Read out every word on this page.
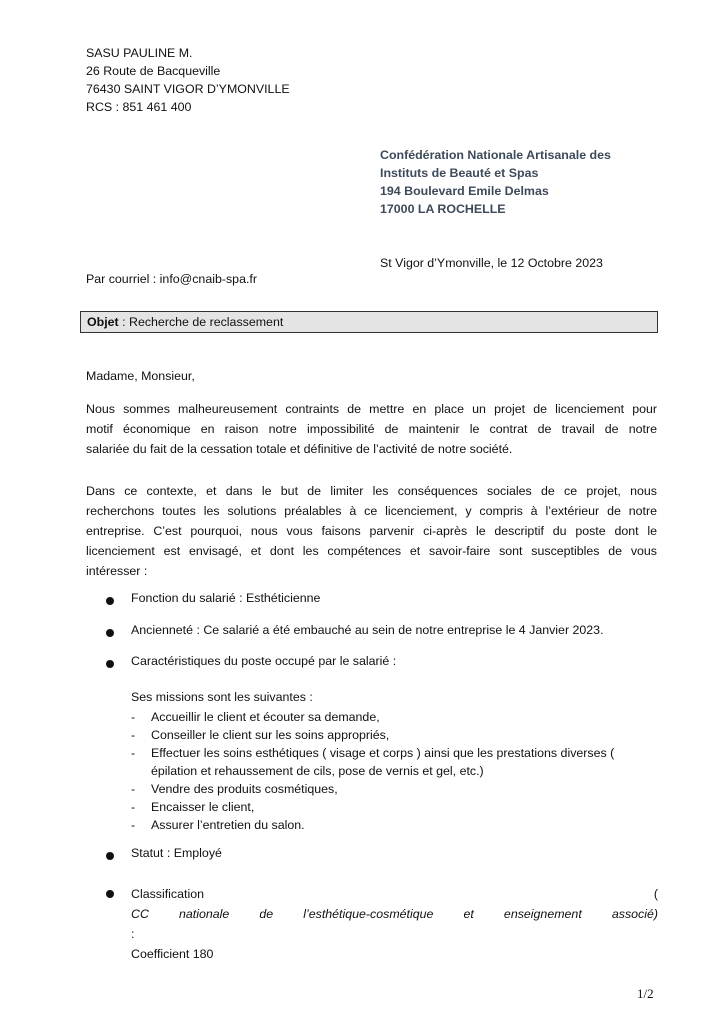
SASU PAULINE M.
26 Route de Bacqueville
76430 SAINT VIGOR D’YMONVILLE
RCS : 851 461 400
Confédération Nationale Artisanale des
Instituts de Beauté et Spas
194 Boulevard Emile Delmas
17000 LA ROCHELLE
St Vigor d’Ymonville, le 12 Octobre 2023
Par courriel : info@cnaib-spa.fr
Objet : Recherche de reclassement
Madame, Monsieur,
Nous sommes malheureusement contraints de mettre en place un projet de licenciement pour
motif économique en raison notre impossibilité de maintenir le contrat de travail de notre
salariée du fait de la cessation totale et définitive de l’activité de notre société.
Dans ce contexte, et dans le but de limiter les conséquences sociales de ce projet, nous
recherchons toutes les solutions préalables à ce licenciement, y compris à l’extérieur de notre
entreprise. C’est pourquoi, nous vous faisons parvenir ci-après le descriptif du poste dont le
licenciement est envisagé, et dont les compétences et savoir-faire sont susceptibles de vous
intéresser :
Fonction du salarié : Esthéticienne
Ancienneté : Ce salarié a été embauché au sein de notre entreprise le 4 Janvier 2023.
Caractéristiques du poste occupé par le salarié :
Ses missions sont les suivantes :
- Accueillir le client et écouter sa demande,
- Conseiller le client sur les soins appropriés,
- Effectuer les soins esthétiques ( visage et corps ) ainsi que les prestations diverses ( épilation et rehaussement de cils, pose de vernis et gel, etc.)
- Vendre des produits cosmétiques,
- Encaisser le client,
- Assurer l’entretien du salon.
Statut : Employé
Classification (
CC nationale de l’esthétique-cosmétique et enseignement associé)
:
Coefficient 180
1/2
